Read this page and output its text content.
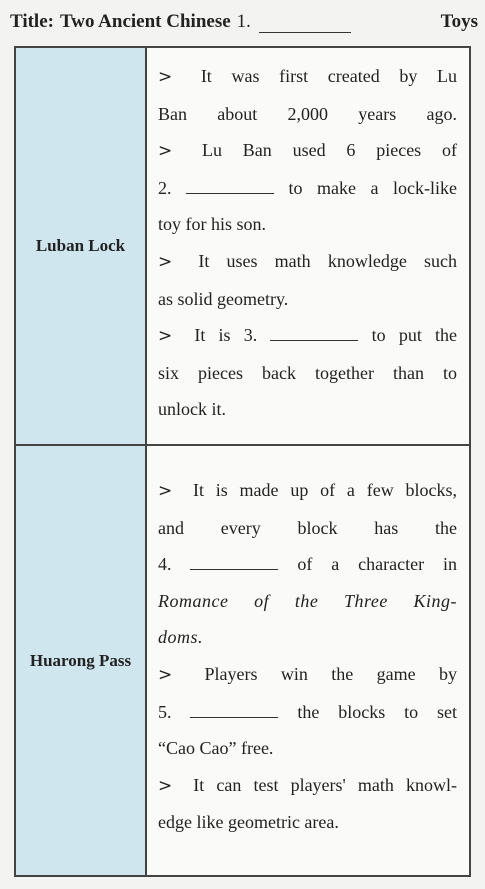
Title: Two Ancient Chinese 1.	Toys
Luban Lock
> It was first created by Lu
Ban about 2,000 years ago.
> Lu Ban used 6 pieces of
2.	to make a lock-like
toy for his son.
> It uses math knowledge such
as solid geometry.
> It is 3.	to put the
six pieces back together than to
unlock it.
Huarong Pass
> It is made up of a few blocks,
and every block has the
4.	of a character in
Romance of the Three King-
doms.
> Players win the game by
5.	the blocks to set
“Cao Cao” free.
> It can test players' math knowl-
edge like geometric area.
